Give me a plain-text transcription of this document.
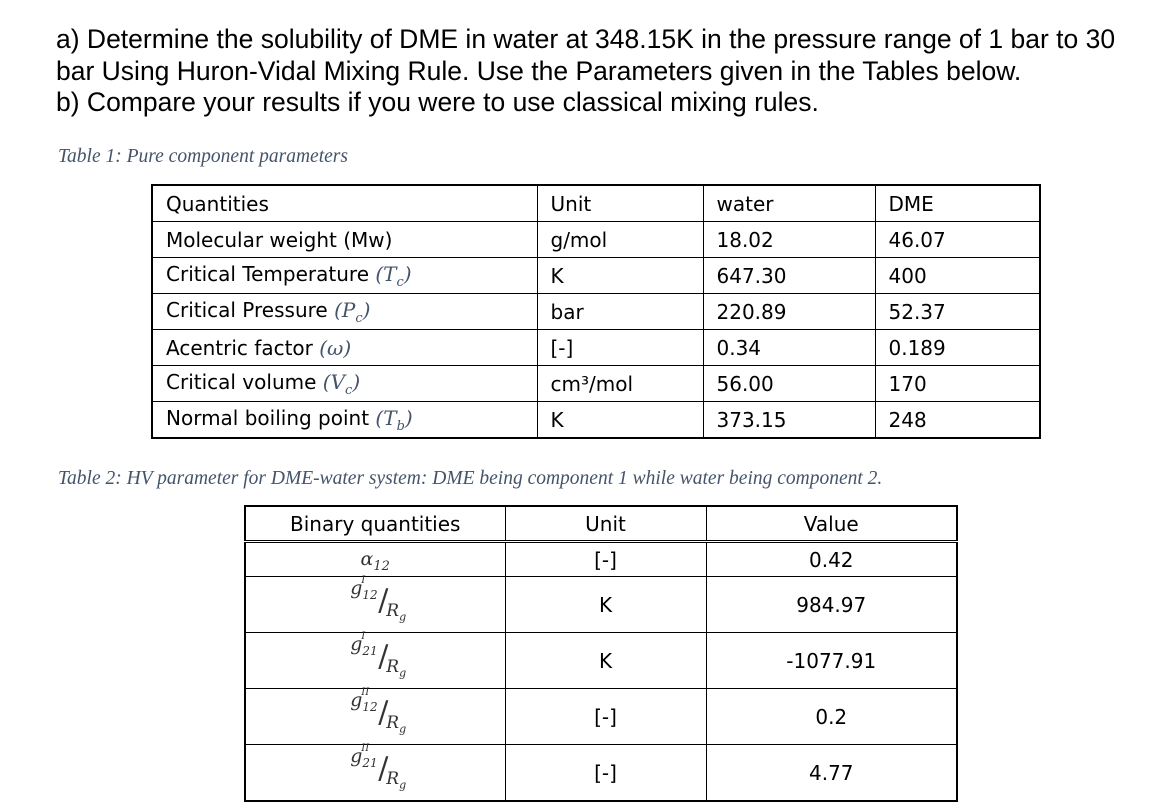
a) Determine the solubility of DME in water at 348.15K in the pressure range of 1 bar to 30 bar Using Huron-Vidal Mixing Rule. Use the Parameters given in the Tables below.

b) Compare your results if you were to use classical mixing rules.

Table 1: Pure component parameters

Quantities	Unit	water	DME
Molecular weight (Mw)	g/mol	18.02	46.07
Critical Temperature $(T_c)$	K	647.30	400
Critical Pressure $(P_c)$	bar	220.89	52.37
Acentric factor (ω)	[-]	0.34	0.189
Critical volume $(V_c)$	cm³/mol	56.00	170
Normal boiling point $(T_b)$	K	373.15	248

Table 2: HV parameter for DME-water system: DME being component 1 while water being component 2.

Binary quantities	Unit	Value
$\alpha_{12}$	[-]	0.42

g
I
$_{12}$ /
$R_g$	K	984.97

g
I
$_{21}$ /
$R_g$	K	-1077.91

g
II
$_{12}$ /
$R_g$	[-]	0.2

g
II
$_{21}$ /
$R_g$	[-]	4.77
